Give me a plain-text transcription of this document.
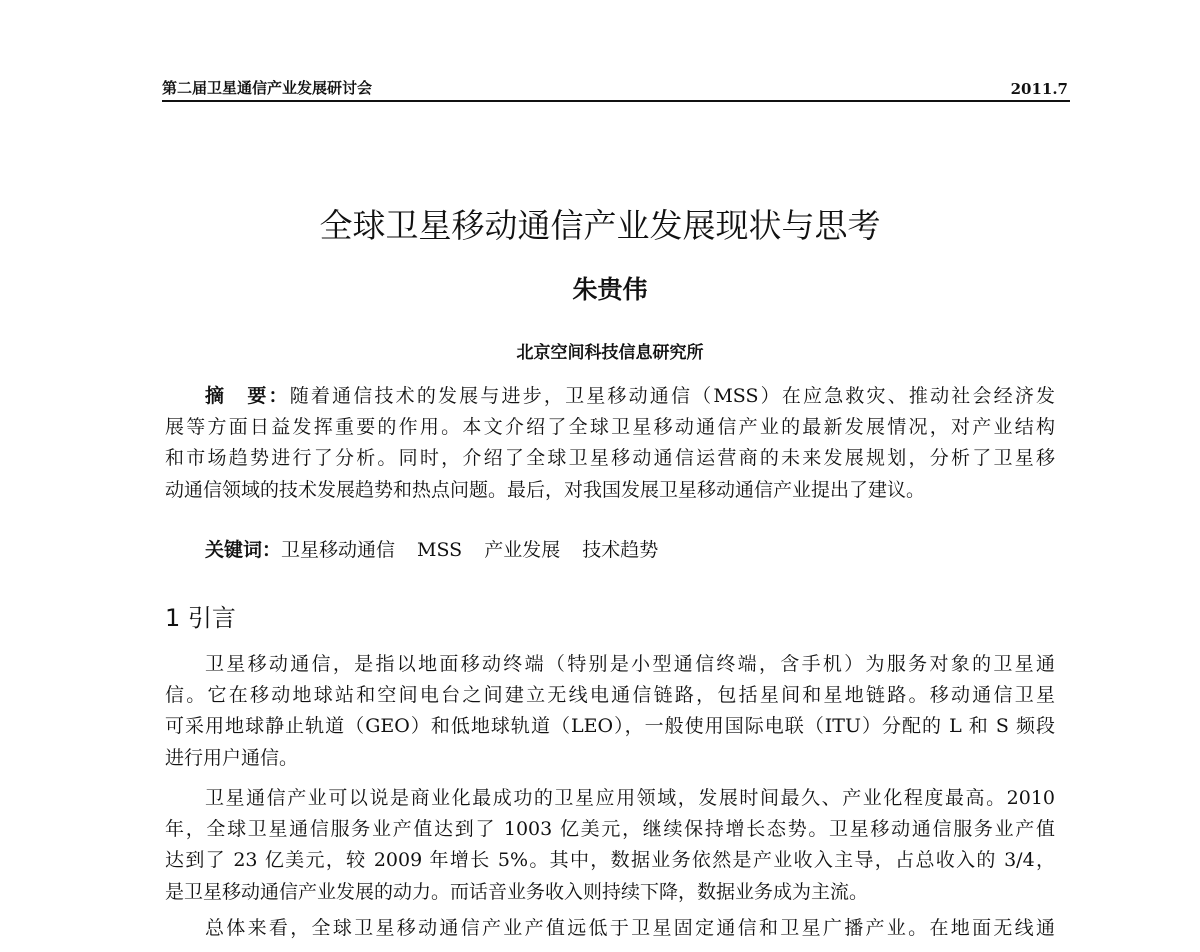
第二届卫星通信产业发展研讨会	2011.7
全球卫星移动通信产业发展现状与思考
朱贵伟
北京空间科技信息研究所
摘　要：随着通信技术的发展与进步，卫星移动通信（MSS）在应急救灾、推动社会经济发
展等方面日益发挥重要的作用。本文介绍了全球卫星移动通信产业的最新发展情况，对产业结构
和市场趋势进行了分析。同时，介绍了全球卫星移动通信运营商的未来发展规划，分析了卫星移
动通信领域的技术发展趋势和热点问题。最后，对我国发展卫星移动通信产业提出了建议。
关键词：卫星移动通信 MSS 产业发展 技术趋势
1 引言
卫星移动通信，是指以地面移动终端（特别是小型通信终端，含手机）为服务对象的卫星通
信。它在移动地球站和空间电台之间建立无线电通信链路，包括星间和星地链路。移动通信卫星
可采用地球静止轨道（GEO）和低地球轨道（LEO），一般使用国际电联（ITU）分配的 L 和 S 频段
进行用户通信。
卫星通信产业可以说是商业化最成功的卫星应用领域，发展时间最久、产业化程度最高。2010
年，全球卫星通信服务业产值达到了 1003 亿美元，继续保持增长态势。卫星移动通信服务业产值
达到了 23 亿美元，较 2009 年增长 5%。其中，数据业务依然是产业收入主导，占总收入的 3/4，
是卫星移动通信产业发展的动力。而话音业务收入则持续下降，数据业务成为主流。
总体来看，全球卫星移动通信产业产值远低于卫星固定通信和卫星广播产业。在地面无线通
